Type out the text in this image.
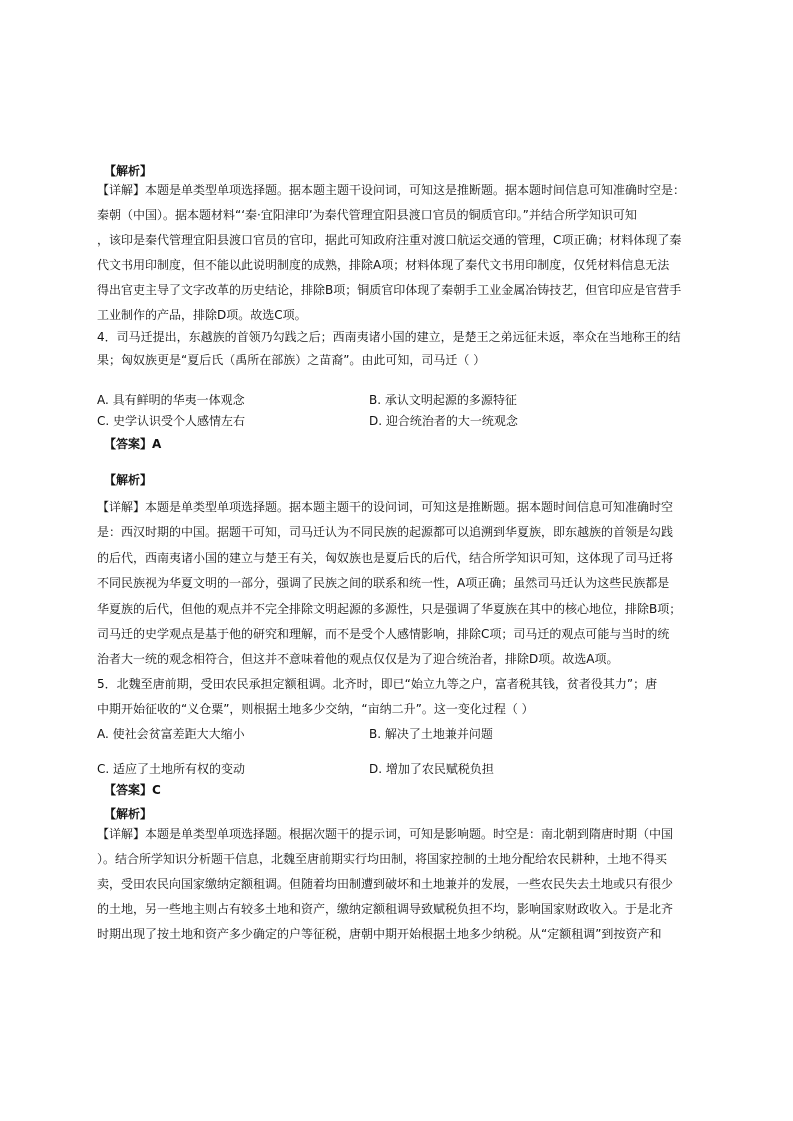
【解析】
【详解】本题是单类型单项选择题。据本题主题干设问词，可知这是推断题。据本题时间信息可知准确时空是：
秦朝（中国）。据本题材料“‘秦·宜阳津印’为秦代管理宜阳县渡口官员的铜质官印。”并结合所学知识可知
，该印是秦代管理宜阳县渡口官员的官印，据此可知政府注重对渡口航运交通的管理，C项正确；材料体现了秦
代文书用印制度，但不能以此说明制度的成熟，排除A项；材料体现了秦代文书用印制度，仅凭材料信息无法
得出官吏主导了文字改革的历史结论，排除B项；铜质官印体现了秦朝手工业金属冶铸技艺，但官印应是官营手
工业制作的产品，排除D项。故选C项。
4．司马迁提出，东越族的首领乃勾践之后；西南夷诸小国的建立，是楚王之弟远征未返，率众在当地称王的结
果；匈奴族更是“夏后氏（禹所在部族）之苗裔”。由此可知，司马迁（ ）
A. 具有鲜明的华夷一体观念	B. 承认文明起源的多源特征
C. 史学认识受个人感情左右	D. 迎合统治者的大一统观念
【答案】A
【解析】
【详解】本题是单类型单项选择题。据本题主题干的设问词，可知这是推断题。据本题时间信息可知准确时空
是：西汉时期的中国。据题干可知，司马迁认为不同民族的起源都可以追溯到华夏族，即东越族的首领是勾践
的后代，西南夷诸小国的建立与楚王有关，匈奴族也是夏后氏的后代，结合所学知识可知，这体现了司马迁将
不同民族视为华夏文明的一部分，强调了民族之间的联系和统一性，A项正确；虽然司马迁认为这些民族都是
华夏族的后代，但他的观点并不完全排除文明起源的多源性，只是强调了华夏族在其中的核心地位，排除B项；
司马迁的史学观点是基于他的研究和理解，而不是受个人感情影响，排除C项；司马迁的观点可能与当时的统
治者大一统的观念相符合，但这并不意味着他的观点仅仅是为了迎合统治者，排除D项。故选A项。
5．北魏至唐前期，受田农民承担定额租调。北齐时，即已“始立九等之户，富者税其钱，贫者役其力”；唐
中期开始征收的“义仓粟”，则根据土地多少交纳，“亩纳二升”。这一变化过程（ ）
A. 使社会贫富差距大大缩小	B. 解决了土地兼并问题
C. 适应了土地所有权的变动	D. 增加了农民赋税负担
【答案】C
【解析】
【详解】本题是单类型单项选择题。根据次题干的提示词，可知是影响题。时空是：南北朝到隋唐时期（中国
）。结合所学知识分析题干信息，北魏至唐前期实行均田制，将国家控制的土地分配给农民耕种，土地不得买
卖，受田农民向国家缴纳定额租调。但随着均田制遭到破坏和土地兼并的发展，一些农民失去土地或只有很少
的土地，另一些地主则占有较多土地和资产，缴纳定额租调导致赋税负担不均，影响国家财政收入。于是北齐
时期出现了按土地和资产多少确定的户等征税，唐朝中期开始根据土地多少纳税。从“定额租调”到按资产和
